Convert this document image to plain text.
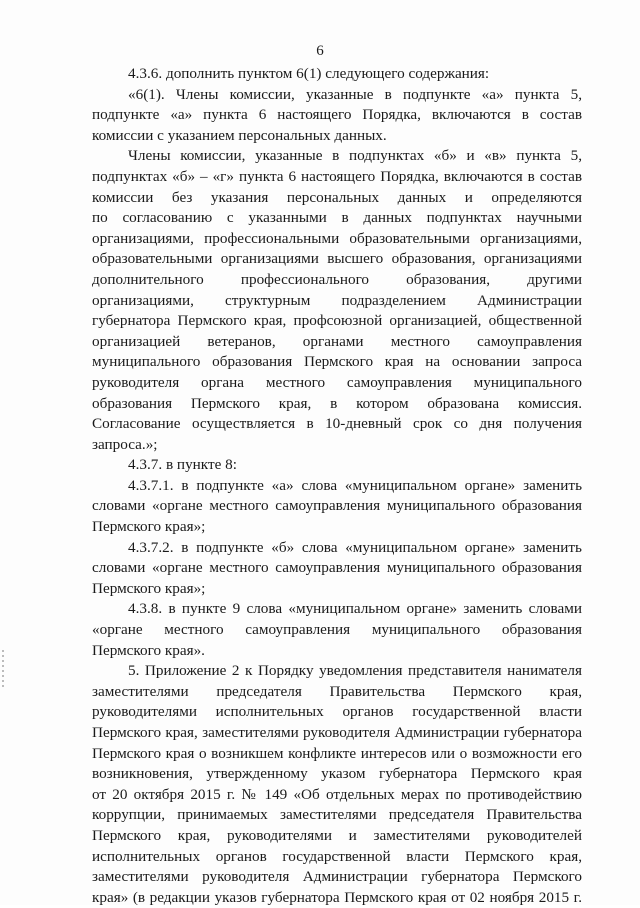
6
4.3.6. дополнить пунктом 6(1) следующего содержания:
«6(1). Члены комиссии, указанные в подпункте «а» пункта 5,
подпункте «а» пункта 6 настоящего Порядка, включаются в состав
комиссии с указанием персональных данных.
Члены комиссии, указанные в подпунктах «б» и «в» пункта 5,
подпунктах «б» – «г» пункта 6 настоящего Порядка, включаются в состав
комиссии без указания персональных данных и определяются
по согласованию с указанными в данных подпунктах научными
организациями, профессиональными образовательными организациями,
образовательными организациями высшего образования, организациями
дополнительного профессионального образования, другими
организациями, структурным подразделением Администрации
губернатора Пермского края, профсоюзной организацией, общественной
организацией ветеранов, органами местного самоуправления
муниципального образования Пермского края на основании запроса
руководителя органа местного самоуправления муниципального
образования Пермского края, в котором образована комиссия.
Согласование осуществляется в 10-дневный срок со дня получения
запроса.»;
4.3.7. в пункте 8:
4.3.7.1. в подпункте «а» слова «муниципальном органе» заменить
словами «органе местного самоуправления муниципального образования
Пермского края»;
4.3.7.2. в подпункте «б» слова «муниципальном органе» заменить
словами «органе местного самоуправления муниципального образования
Пермского края»;
4.3.8. в пункте 9 слова «муниципальном органе» заменить словами
«органе местного самоуправления муниципального образования
Пермского края».
5. Приложение 2 к Порядку уведомления представителя нанимателя
заместителями председателя Правительства Пермского края,
руководителями исполнительных органов государственной власти
Пермского края, заместителями руководителя Администрации губернатора
Пермского края о возникшем конфликте интересов или о возможности его
возникновения, утвержденному указом губернатора Пермского края
от 20 октября 2015 г. № 149 «Об отдельных мерах по противодействию
коррупции, принимаемых заместителями председателя Правительства
Пермского края, руководителями и заместителями руководителей
исполнительных органов государственной власти Пермского края,
заместителями руководителя Администрации губернатора Пермского
края» (в редакции указов губернатора Пермского края от 02 ноября 2015 г.
